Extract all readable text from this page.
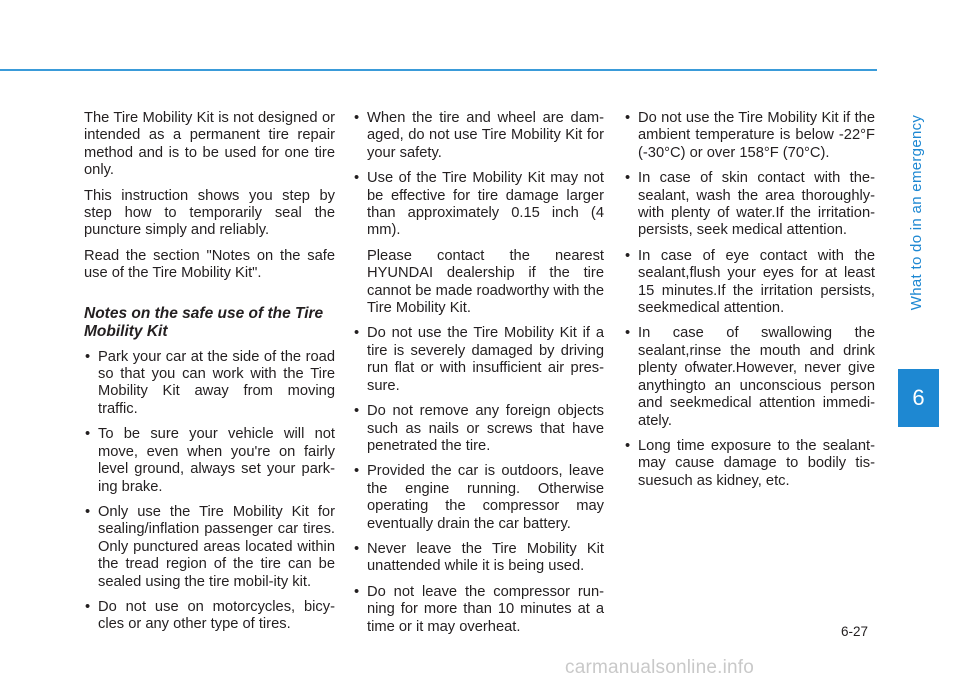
What to do in an emergency
6

The Tire Mobility Kit is not designed or intended as a permanent tire repair method and is to be used for one tire only.

This instruction shows you step by step how to temporarily seal the puncture simply and reliably.

Read the section "Notes on the safe use of the Tire Mobility Kit".

Notes on the safe use of the Tire Mobility Kit
• Park your car at the side of the road so that you can work with the Tire Mobility Kit away from moving traffic.
• To be sure your vehicle will not move, even when you're on fairly level ground, always set your park-ing brake.
• Only use the Tire Mobility Kit for sealing/inflation passenger car tires. Only punctured areas located within the tread region of the tire can be sealed using the tire mobil-ity kit.
• Do not use on motorcycles, bicy-cles or any other type of tires.
• When the tire and wheel are dam-aged, do not use Tire Mobility Kit for your safety.
• Use of the Tire Mobility Kit may not be effective for tire damage larger than approximately 0.15 inch (4 mm).
Please contact the nearest HYUNDAI dealership if the tire cannot be made roadworthy with the Tire Mobility Kit.
• Do not use the Tire Mobility Kit if a tire is severely damaged by driving run flat or with insufficient air pres-sure.
• Do not remove any foreign objects such as nails or screws that have penetrated the tire.
• Provided the car is outdoors, leave the engine running. Otherwise operating the compressor may eventually drain the car battery.
• Never leave the Tire Mobility Kit unattended while it is being used.
• Do not leave the compressor run-ning for more than 10 minutes at a time or it may overheat.
• Do not use the Tire Mobility Kit if the ambient temperature is below -22°F (-30°C) or over 158°F (70°C).
• In case of skin contact with the-sealant, wash the area thoroughly-with plenty of water.If the irritation-persists, seek medical attention.
• In case of eye contact with the sealant,flush your eyes for at least 15 minutes.If the irritation persists, seekmedical attention.
• In case of swallowing the sealant,rinse the mouth and drink plenty ofwater.However, never give anythingto an unconscious person and seekmedical attention immedi-ately.
• Long time exposure to the sealant-may cause damage to bodily tis-suesuch as kidney, etc.
6-27
carmanualsonline.info
